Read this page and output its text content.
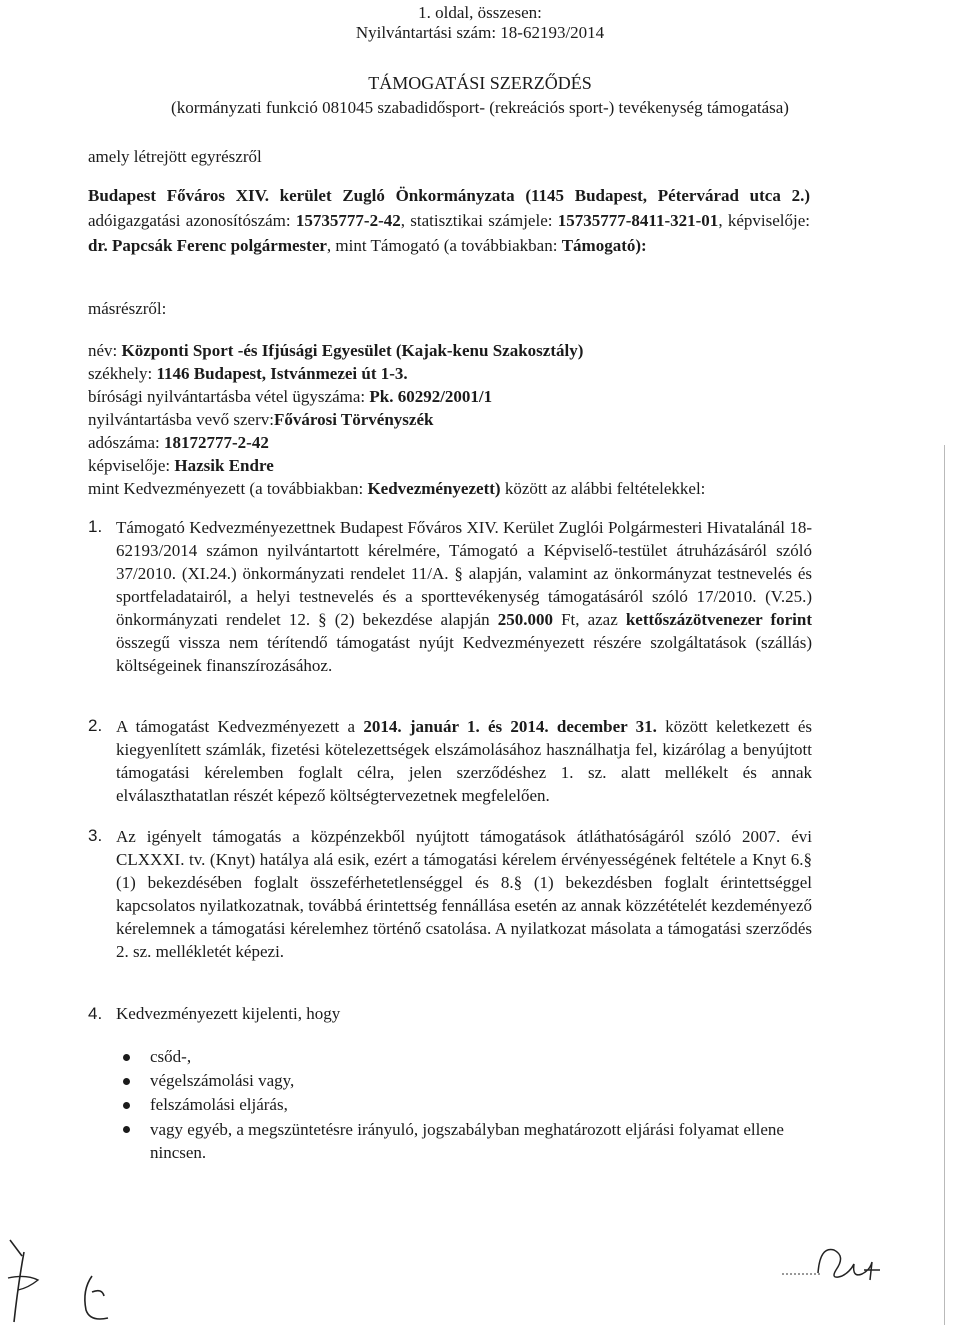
1. oldal, összesen:
Nyilvántartási szám: 18-62193/2014
TÁMOGATÁSI SZERZŐDÉS
(kormányzati funkció 081045 szabadidősport- (rekreációs sport-) tevékenység támogatása)
amely létrejött egyrészről
Budapest Főváros XIV. kerület Zugló Önkormányzata (1145 Budapest, Pétervárad utca 2.) adóigazgatási azonosítószám: 15735777-2-42, statisztikai számjele: 15735777-8411-321-01, képviselője: dr. Papcsák Ferenc polgármester, mint Támogató (a továbbiakban: Támogató):
másrészről:
név: Központi Sport -és Ifjúsági Egyesület (Kajak-kenu Szakosztály)
székhely: 1146 Budapest, Istvánmezei út 1-3.
bírósági nyilvántartásba vétel ügyszáma: Pk. 60292/2001/1
nyilvántartásba vevő szerv:Fővárosi Törvényszék
adószáma: 18172777-2-42
képviselője: Hazsik Endre
mint Kedvezményezett (a továbbiakban: Kedvezményezett) között az alábbi feltételekkel:
1. Támogató Kedvezményezettnek Budapest Főváros XIV. Kerület Zuglói Polgármesteri Hivatalánál 18-62193/2014 számon nyilvántartott kérelmére, Támogató a Képviselő-testület átruházásáról szóló 37/2010. (XI.24.) önkormányzati rendelet 11/A. § alapján, valamint az önkormányzat testnevelés és sportfeladatairól, a helyi testnevelés és a sporttevékenység támogatásáról szóló 17/2010. (V.25.) önkormányzati rendelet 12. § (2) bekezdése alapján 250.000 Ft, azaz kettőszázötvenezer forint összegű vissza nem térítendő támogatást nyújt Kedvezményezett részére szolgáltatások (szállás) költségeinek finanszírozásához.
2. A támogatást Kedvezményezett a 2014. január 1. és 2014. december 31. között keletkezett és kiegyenlített számlák, fizetési kötelezettségek elszámolásához használhatja fel, kizárólag a benyújtott támogatási kérelemben foglalt célra, jelen szerződéshez 1. sz. alatt mellékelt és annak elválaszthatatlan részét képező költségtervezetnek megfelelően.
3. Az igényelt támogatás a közpénzekből nyújtott támogatások átláthatóságáról szóló 2007. évi CLXXXI. tv. (Knyt) hatálya alá esik, ezért a támogatási kérelem érvényességének feltétele a Knyt 6.§ (1) bekezdésében foglalt összeférhetetlenséggel és 8.§ (1) bekezdésben foglalt érintettséggel kapcsolatos nyilatkozatnak, továbbá érintettség fennállása esetén az annak közzétételét kezdeményező kérelemnek a támogatási kérelemhez történő csatolása. A nyilatkozat másolata a támogatási szerződés 2. sz. mellékletét képezi.
4. Kedvezményezett kijelenti, hogy
csőd-,
végelszámolási vagy,
felszámolási eljárás,
vagy egyéb, a megszüntetésre irányuló, jogszabályban meghatározott eljárási folyamat ellene nincsen.
